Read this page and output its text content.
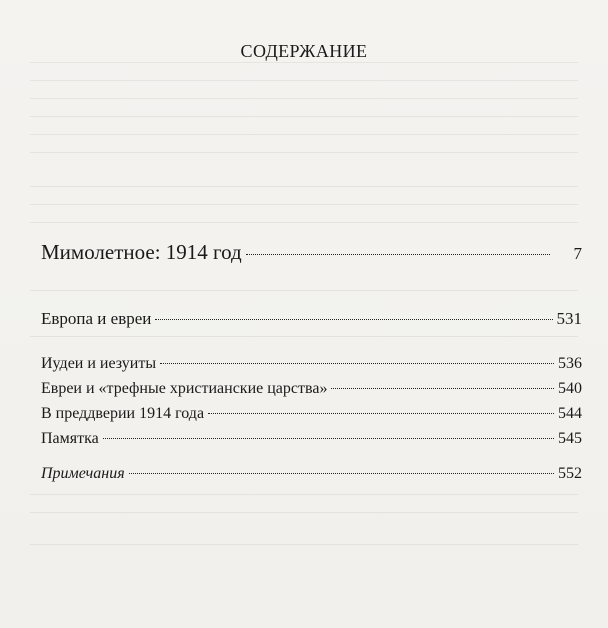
СОДЕРЖАНИЕ
Мимолетное: 1914 год	7
Европа и евреи	531
Иудеи и иезуиты	536
Евреи и «трефные христианские царства»	540
В преддверии 1914 года	544
Памятка	545
Примечания	552
